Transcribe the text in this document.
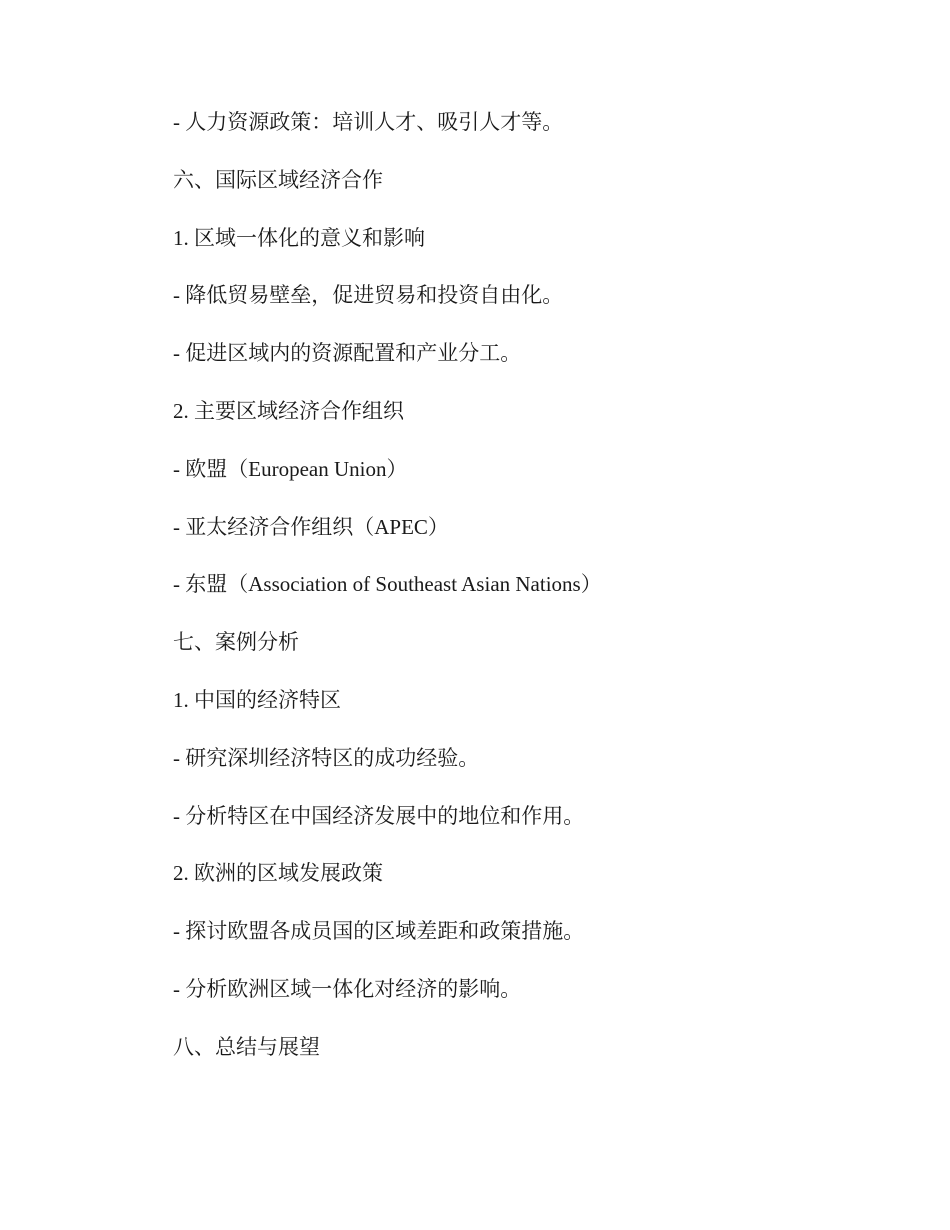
- 人力资源政策：培训人才、吸引人才等。
六、国际区域经济合作
1. 区域一体化的意义和影响
- 降低贸易壁垒，促进贸易和投资自由化。
- 促进区域内的资源配置和产业分工。
2. 主要区域经济合作组织
- 欧盟（European Union）
- 亚太经济合作组织（APEC）
- 东盟（Association of Southeast Asian Nations）
七、案例分析
1. 中国的经济特区
- 研究深圳经济特区的成功经验。
- 分析特区在中国经济发展中的地位和作用。
2. 欧洲的区域发展政策
- 探讨欧盟各成员国的区域差距和政策措施。
- 分析欧洲区域一体化对经济的影响。
八、总结与展望
